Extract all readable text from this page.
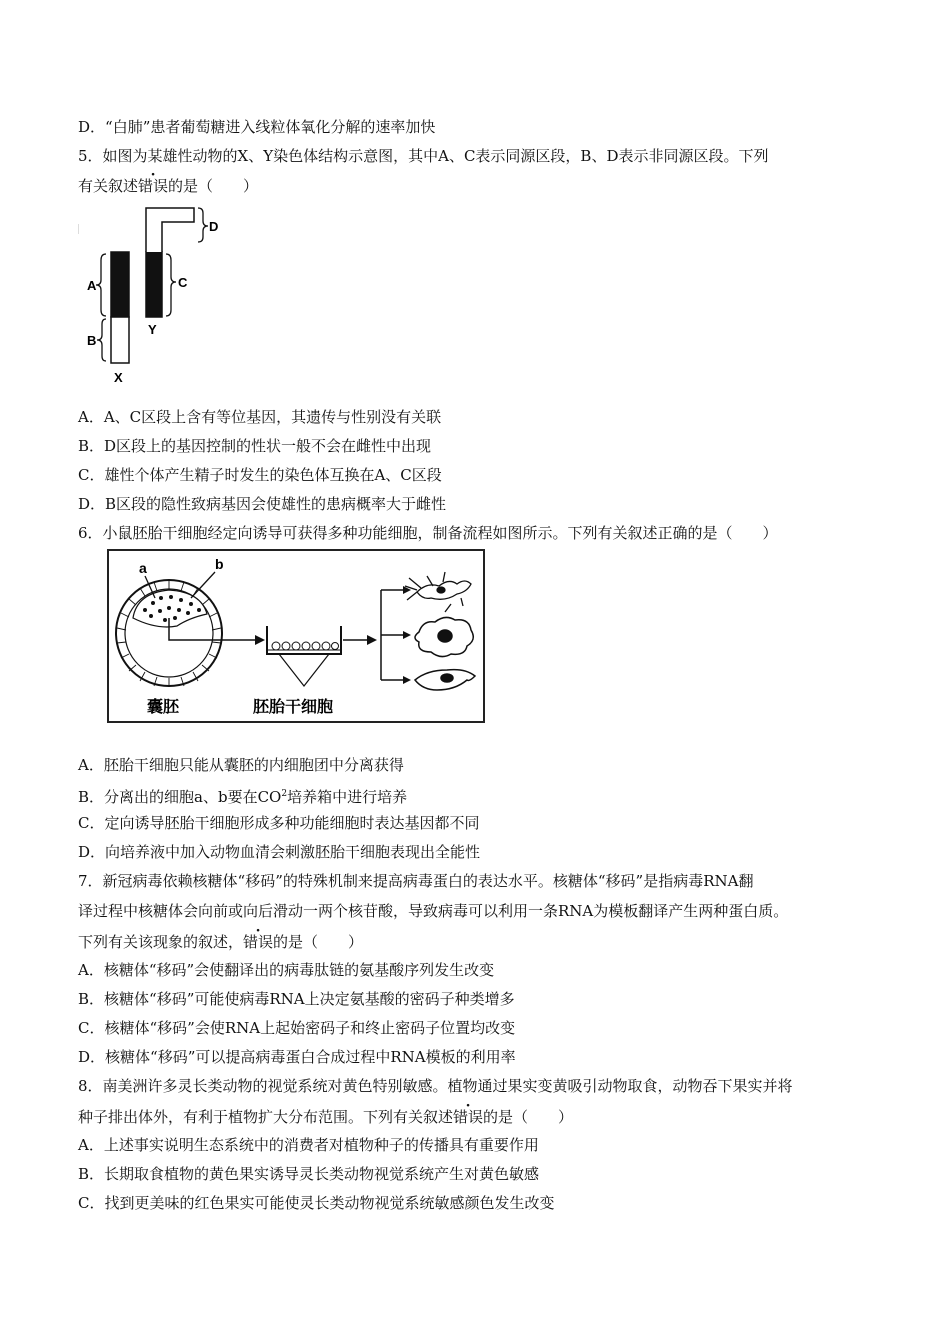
D．“白肺”患者葡萄糖进入线粒体氧化分解的速率加快
5．如图为某雄性动物的X、Y染色体结构示意图，其中A、C表示同源区段，B、D表示非同源区段。下列
有关叙述错误的是（　　）
A
B
C
D
Y
X
A．A、C区段上含有等位基因，其遗传与性别没有关联
B．D区段上的基因控制的性状一般不会在雌性中出现
C．雄性个体产生精子时发生的染色体互换在A、C区段
D．B区段的隐性致病基因会使雄性的患病概率大于雌性
6．小鼠胚胎干细胞经定向诱导可获得多种功能细胞，制备流程如图所示。下列有关叙述正确的是（　　）
a	b
囊胚	胚胎干细胞
A．胚胎干细胞只能从囊胚的内细胞团中分离获得
B．分离出的细胞a、b要在$CO^2$培养箱中进行培养
C．定向诱导胚胎干细胞形成多种功能细胞时表达基因都不同
D．向培养液中加入动物血清会刺激胚胎干细胞表现出全能性
7．新冠病毒依赖核糖体“移码”的特殊机制来提高病毒蛋白的表达水平。核糖体“移码”是指病毒RNA翻
译过程中核糖体会向前或向后滑动一两个核苷酸，导致病毒可以利用一条RNA为模板翻译产生两种蛋白质。
下列有关该现象的叙述，错误的是（　　）
A．核糖体“移码”会使翻译出的病毒肽链的氨基酸序列发生改变
B．核糖体“移码”可能使病毒RNA上决定氨基酸的密码子种类增多
C．核糖体“移码”会使RNA上起始密码子和终止密码子位置均改变
D．核糖体“移码”可以提高病毒蛋白合成过程中RNA模板的利用率
8．南美洲许多灵长类动物的视觉系统对黄色特别敏感。植物通过果实变黄吸引动物取食，动物吞下果实并将
种子排出体外，有利于植物扩大分布范围。下列有关叙述错误的是（　　）
A．上述事实说明生态系统中的消费者对植物种子的传播具有重要作用
B．长期取食植物的黄色果实诱导灵长类动物视觉系统产生对黄色敏感
C．找到更美味的红色果实可能使灵长类动物视觉系统敏感颜色发生改变
